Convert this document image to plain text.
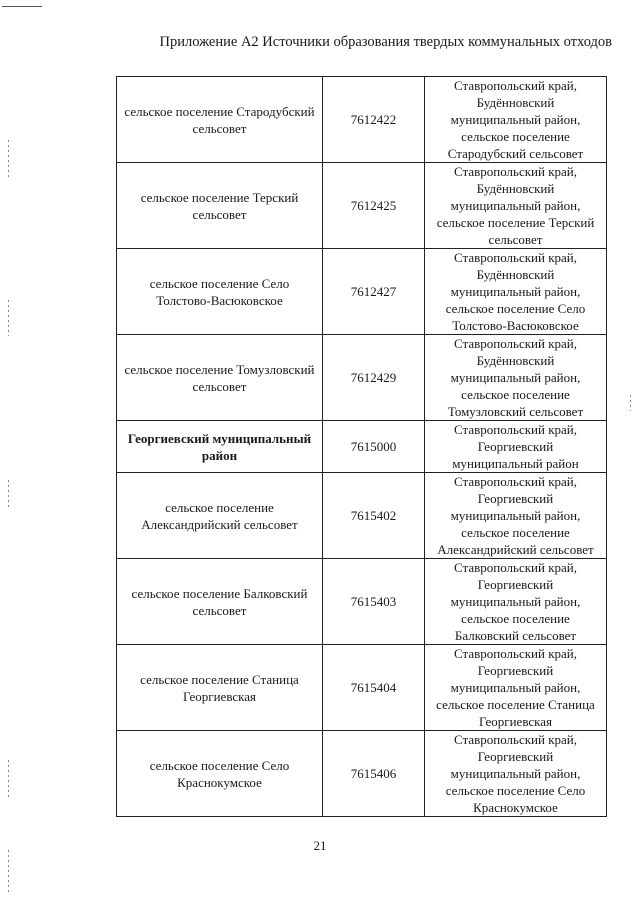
Приложение А2 Источники образования твердых коммунальных отходов
сельское поселение Стародубский сельсовет	7612422	Ставропольский край, Будённовский муниципальный район, сельское поселение Стародубский сельсовет
сельское поселение Терский сельсовет	7612425	Ставропольский край, Будённовский муниципальный район, сельское поселение Терский сельсовет
сельское поселение Село Толстово-Васюковское	7612427	Ставропольский край, Будённовский муниципальный район, сельское поселение Село Толстово-Васюковское
сельское поселение Томузловский сельсовет	7612429	Ставропольский край, Будённовский муниципальный район, сельское поселение Томузловский сельсовет
Георгиевский муниципальный район	7615000	Ставропольский край, Георгиевский муниципальный район
сельское поселение Александрийский сельсовет	7615402	Ставропольский край, Георгиевский муниципальный район, сельское поселение Александрийский сельсовет
сельское поселение Балковский сельсовет	7615403	Ставропольский край, Георгиевский муниципальный район, сельское поселение Балковский сельсовет
сельское поселение Станица Георгиевская	7615404	Ставропольский край, Георгиевский муниципальный район, сельское поселение Станица Георгиевская
сельское поселение Село Краснокумское	7615406	Ставропольский край, Георгиевский муниципальный район, сельское поселение Село Краснокумское
21
